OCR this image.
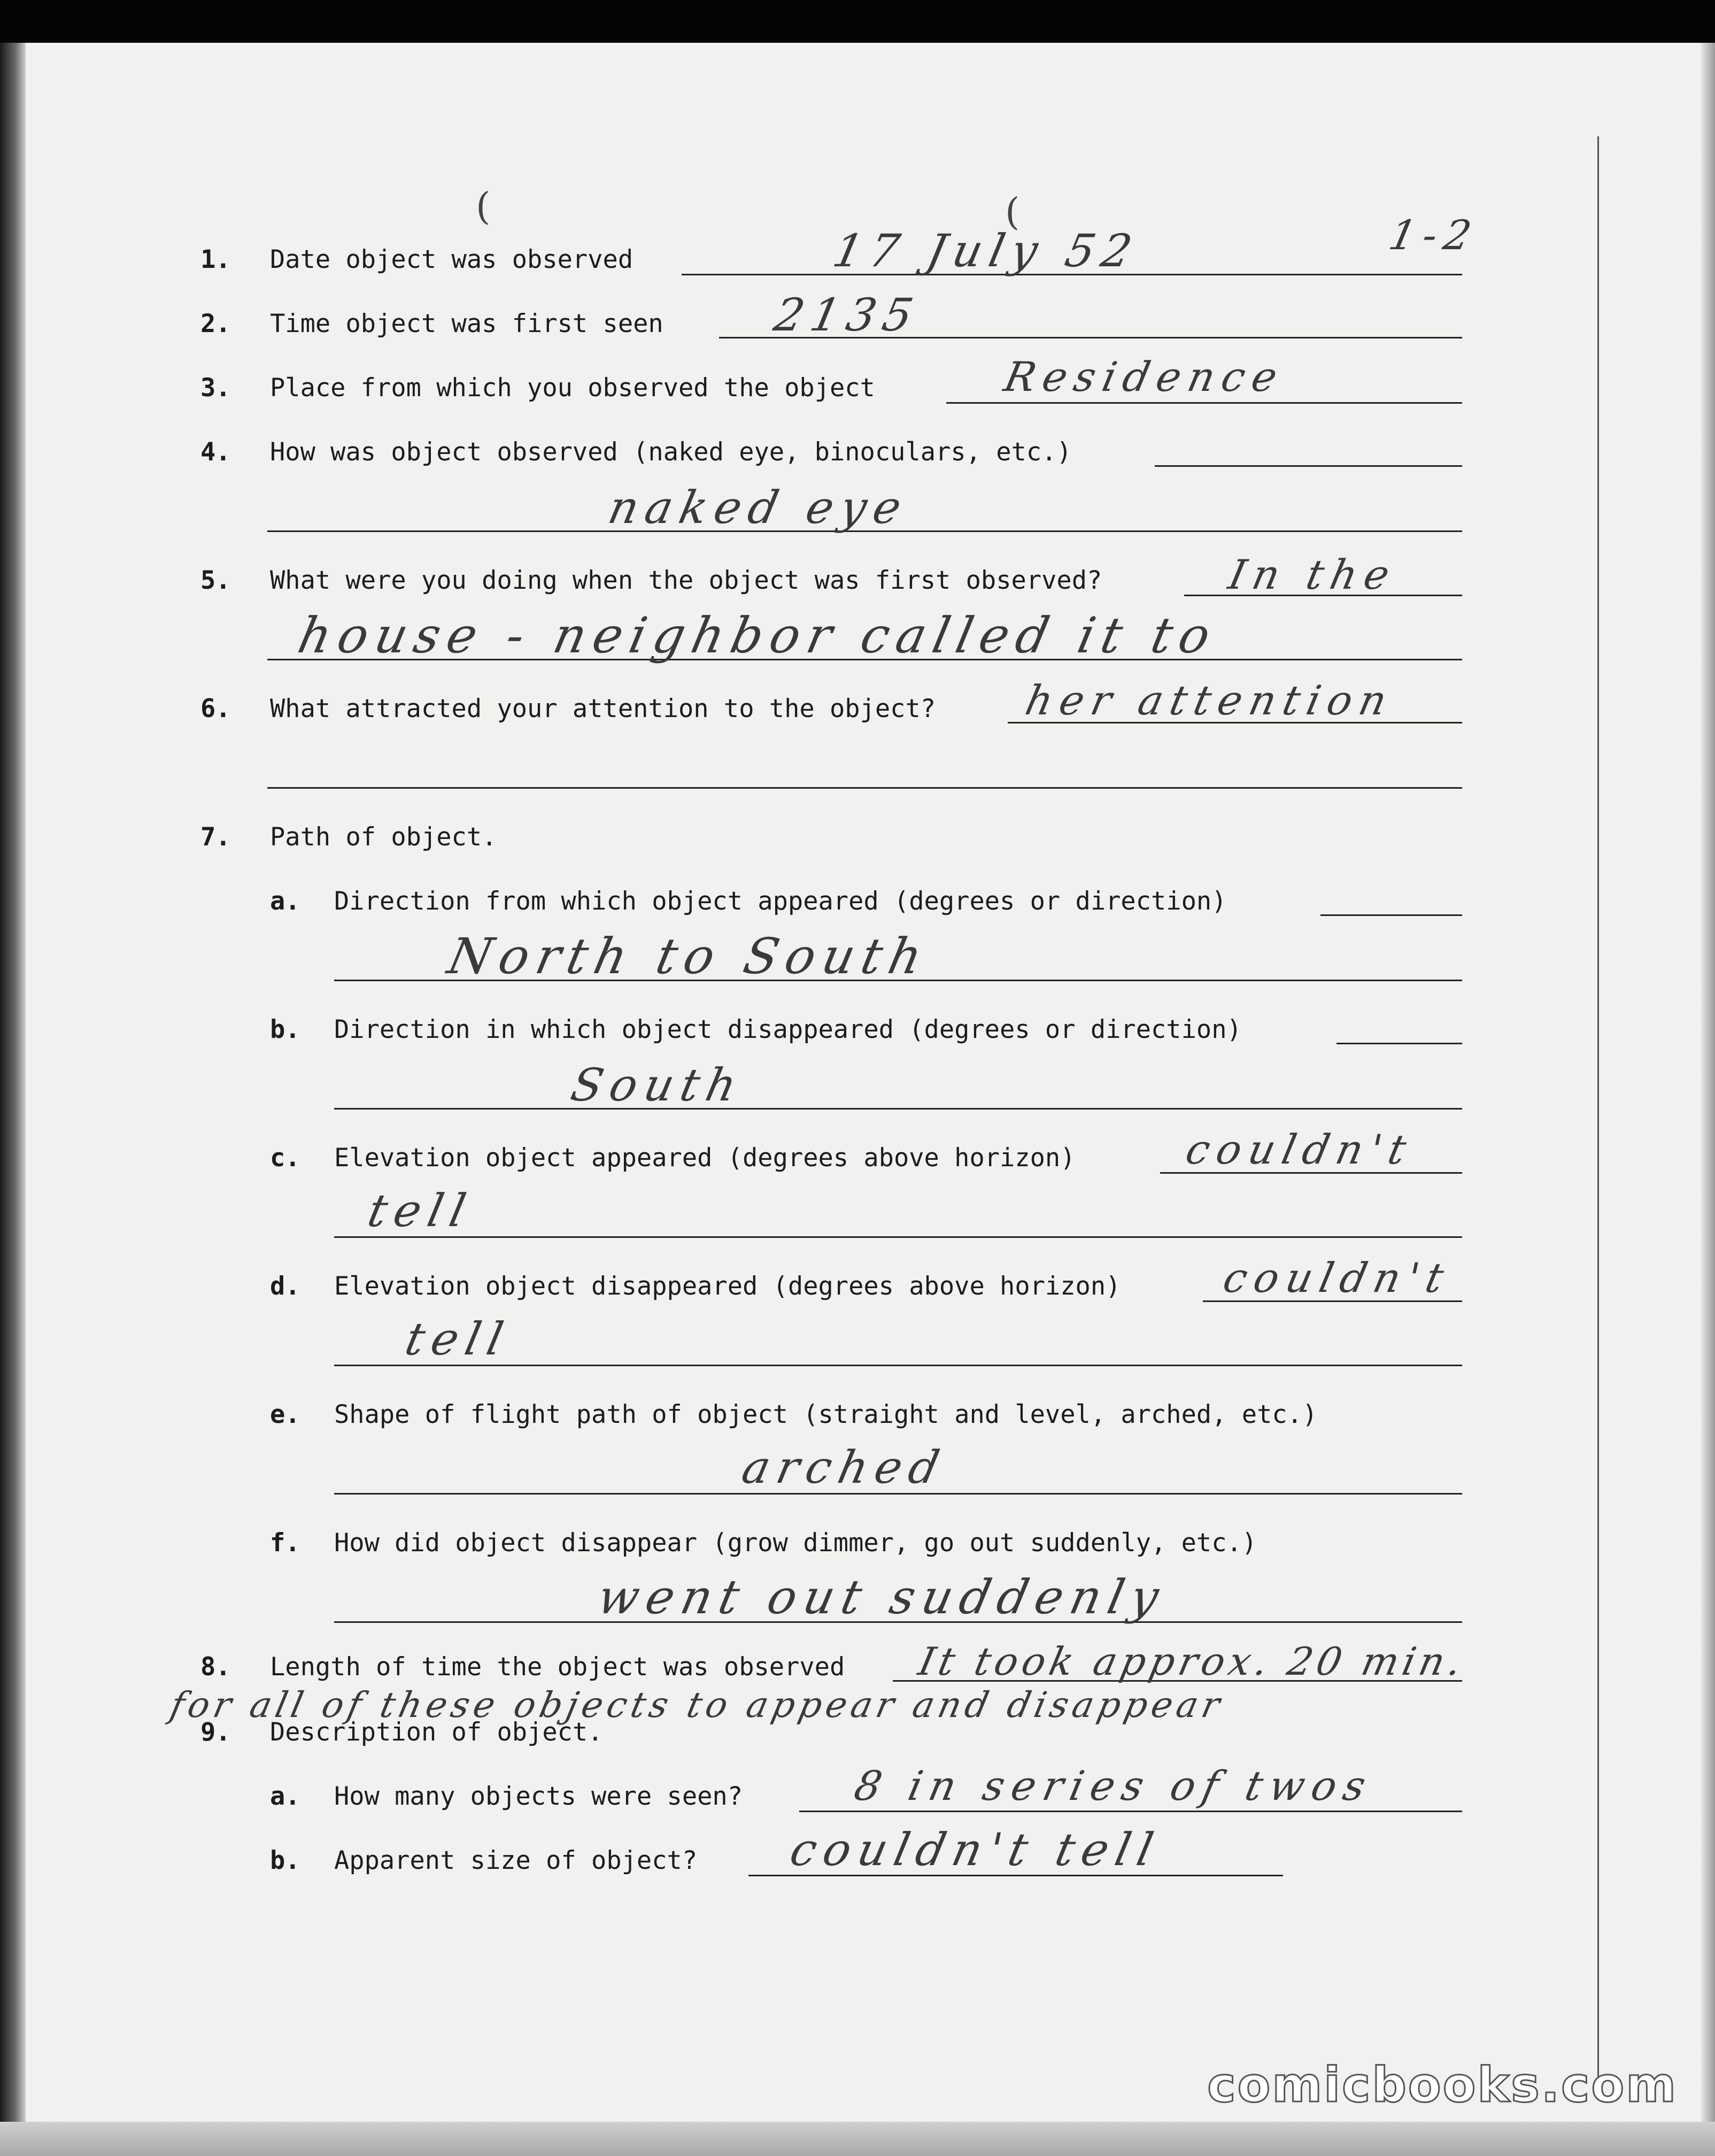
(	(
1. Date object was observed	17 July 52	1-2
2. Time object was first seen 2135
3. Place from which you observed the object	Residence
4. How was object observed (naked eye, binoculars, etc.)
naked eye
5. What were you doing when the object was first observed?	In the
house - neighbor called it to
6. What attracted your attention to the object? her attention
7. Path of object.
a. Direction from which object appeared (degrees or direction)
North to South
b. Direction in which object disappeared (degrees or direction)
South
c. Elevation object appeared (degrees above horizon)	couldn't
tell
d. Elevation object disappeared (degrees above horizon) couldn't
tell
e. Shape of flight path of object (straight and level, arched, etc.)
arched
f. How did object disappear (grow dimmer, go out suddenly, etc.)
went out suddenly
8. Length of time the object was observed It took approx. 20 min.
for all of these objects to appear and disappear
9. Description of object.
a. How many objects were seen?	8 in series of twos
b. Apparent size of object? couldn't tell
comicbooks.com
